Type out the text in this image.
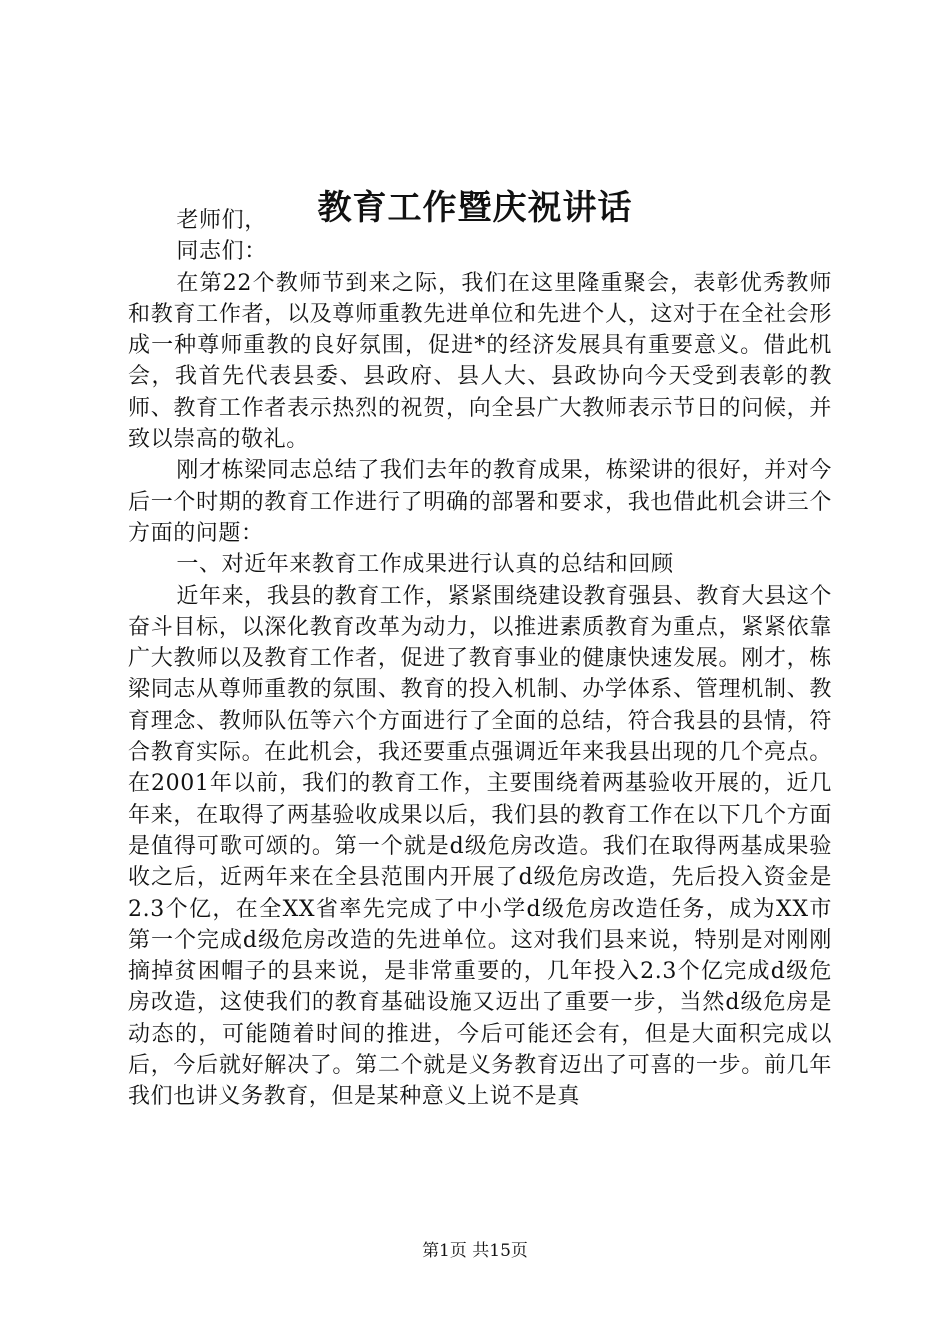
教育工作暨庆祝讲话

老师们，

同志们：

在第22个教师节到来之际，我们在这里隆重聚会，表彰优秀教师和教育工作者，以及尊师重教先进单位和先进个人，这对于在全社会形成一种尊师重教的良好氛围，促进*的经济发展具有重要意义。借此机会，我首先代表县委、县政府、县人大、县政协向今天受到表彰的教师、教育工作者表示热烈的祝贺，向全县广大教师表示节日的问候，并致以崇高的敬礼。

刚才栋梁同志总结了我们去年的教育成果，栋梁讲的很好，并对今后一个时期的教育工作进行了明确的部署和要求，我也借此机会讲三个方面的问题：

一、对近年来教育工作成果进行认真的总结和回顾

近年来，我县的教育工作，紧紧围绕建设教育强县、教育大县这个奋斗目标，以深化教育改革为动力，以推进素质教育为重点，紧紧依靠广大教师以及教育工作者，促进了教育事业的健康快速发展。刚才，栋梁同志从尊师重教的氛围、教育的投入机制、办学体系、管理机制、教育理念、教师队伍等六个方面进行了全面的总结，符合我县的县情，符合教育实际。在此机会，我还要重点强调近年来我县出现的几个亮点。在2001年以前，我们的教育工作，主要围绕着两基验收开展的，近几年来，在取得了两基验收成果以后，我们县的教育工作在以下几个方面是值得可歌可颂的。第一个就是d级危房改造。我们在取得两基成果验收之后，近两年来在全县范围内开展了d级危房改造，先后投入资金是2.3个亿，在全XX省率先完成了中小学d级危房改造任务，成为XX市第一个完成d级危房改造的先进单位。这对我们县来说，特别是对刚刚摘掉贫困帽子的县来说，是非常重要的，几年投入2.3个亿完成d级危房改造，这使我们的教育基础设施又迈出了重要一步，当然d级危房是动态的，可能随着时间的推进，今后可能还会有，但是大面积完成以后，今后就好解决了。第二个就是义务教育迈出了可喜的一步。前几年我们也讲义务教育，但是某种意义上说不是真

第1页 共15页
